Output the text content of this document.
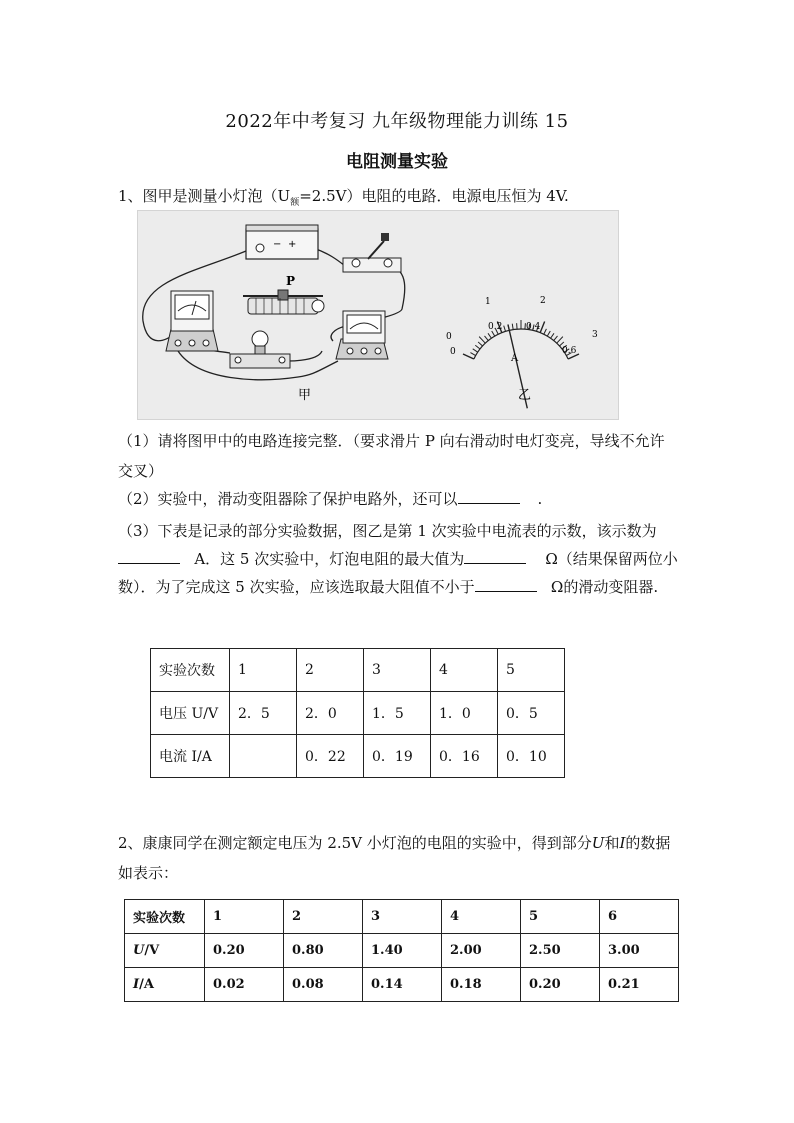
2022年中考复习 九年级物理能力训练 15
电阻测量实验
1、图甲是测量小灯泡$(U_额=2.5V)$电阻的电路．电源电压恒为 4V.
− +
P
甲	乙
0
1	2
3
0
0.2	0.4
0.6
A
（1）请将图甲中的电路连接完整．（要求滑片 P 向右滑动时电灯变亮，导线不允许交叉）
（2）实验中，滑动变阻器除了保护电路外，还可以	.
（3）下表是记录的部分实验数据，图乙是第 1 次实验中电流表的示数，该示数为   A．这 5 次实验中，灯泡电阻的最大值为	Ω（结果保留两位小数）．为了完成这 5 次实验，应该选取最大阻值不小于	Ω的滑动变阻器.
实验次数	1	2	3	4	5
电压 U/V	2．5	2．0	1．5	1．0	0．5
电流 I/A		0．22	0．19	0．16	0．10
2、康康同学在测定额定电压为 2.5V 小灯泡的电阻的实验中，得到部分U和I的数据如表示：
实验次数	1	2	3	4	5	6
U/V	0.20	0.80	1.40	2.00	2.50	3.00
I/A	0.02	0.08	0.14	0.18	0.20	0.21
